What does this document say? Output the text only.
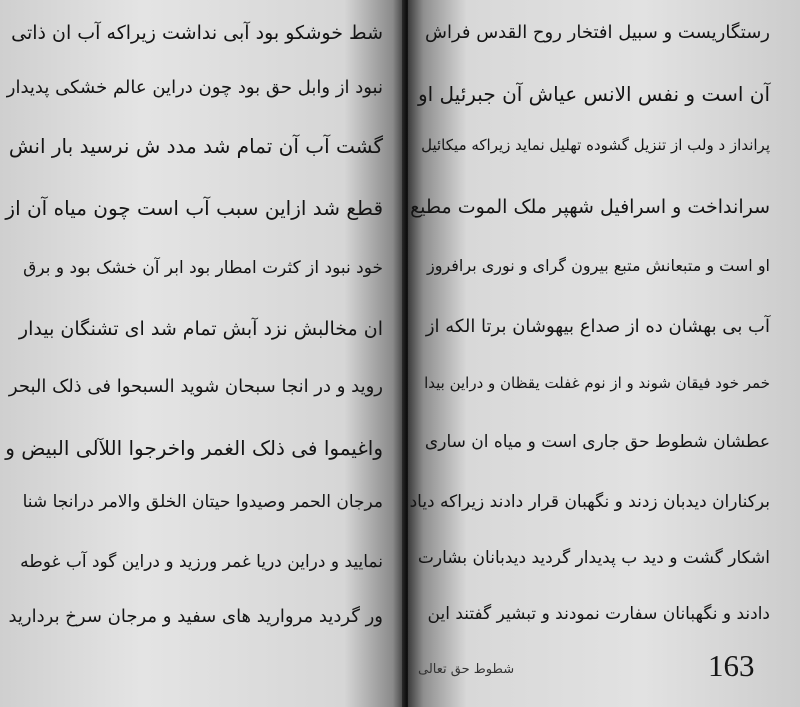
شط خوشکو بود آبی نداشت زیراکه آب ان ذاتی
نبود از وابل حق بود چون دراین عالم خشکی پدیدار
گشت آب آن تمام شد مدد ش نرسید بار انش
قطع شد ازاین سبب آب است چون میاه آن از
خود نبود از کثرت امطار بود ابر آن خشک بود و برق
ان مخالبش نزد آبش تمام شد ای تشنگان بیدار
روید و در انجا سبحان شوید السبحوا فی ذلک البحر
واغیموا فی ذلک الغمر واخرجوا اللآلی البیض و
مرجان الحمر وصیدوا حیتان الخلق والامر درانجا شنا
نمایید و دراین دریا غمر ورزید و دراین گود آب غوطه
ور گردید مروارید های سفید و مرجان سرخ بردارید
رستگاریست و سبیل افتخار روح القدس فراش
آن است و نفس الانس عیاش آن جبرئیل او
پرانداز د ولب از تنزیل گشوده تهلیل نماید زیراکه میکائیل
سرانداخت و اسرافیل شهپر ملک الموت مطیع
او است و متبعانش متبع بیرون گرای و نوری برافروز
آب بی بهشان ده از صداع بیهوشان برتا الکه از
خمر خود فیقان شوند و از نوم غفلت یقظان و دراین بیدا
عطشان شطوط حق جاری است و میاه ان ساری
برکناران دیدبان زدند و نگهبان قرار دادند زیراکه دیاد
اشکار گشت و دید ب پدیدار گردید دیدبانان بشارت
دادند و نگهبانان سفارت نمودند و تبشیر گفتند این
شطوط حق تعالی	163
